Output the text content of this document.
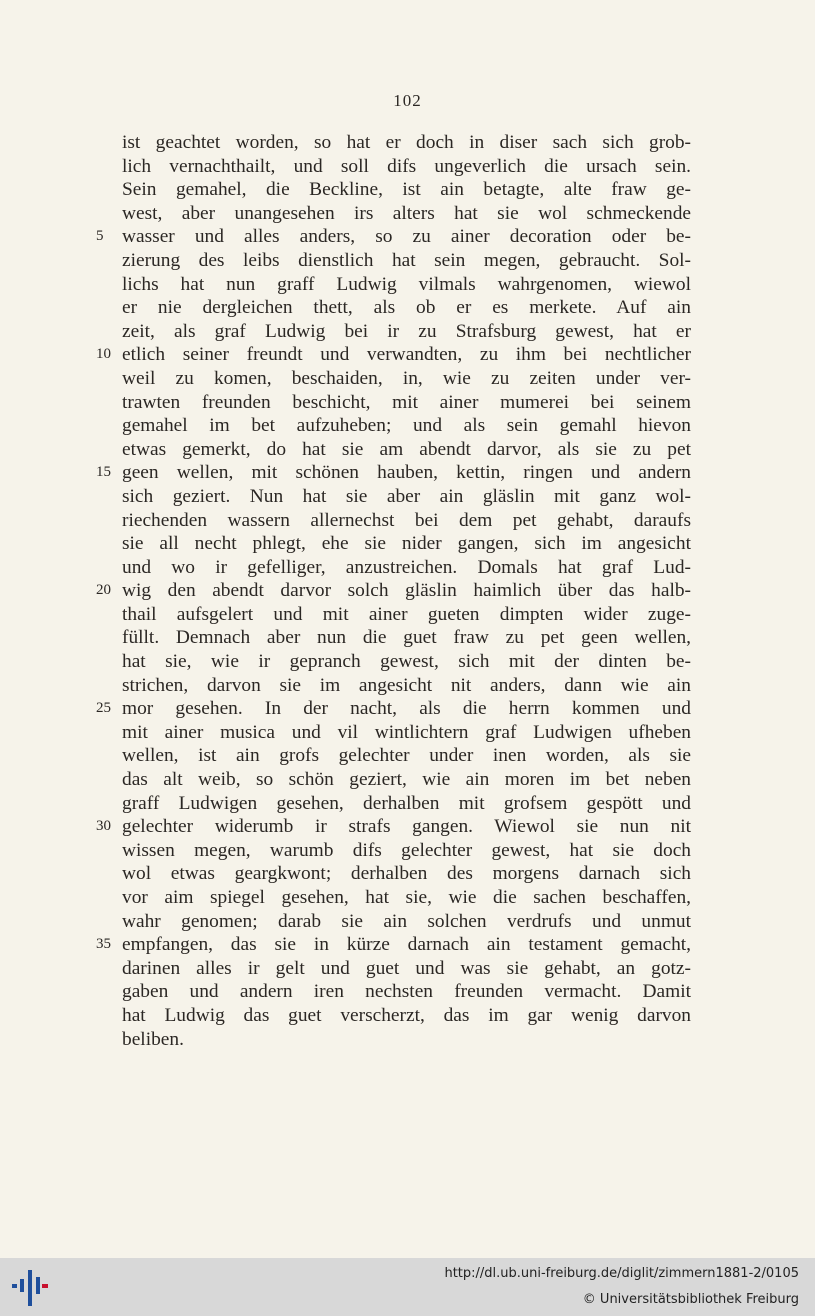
102
ist geachtet worden, so hat er doch in diser sach sich grob-
lich vernachthailt, und soll difs ungeverlich die ursach sein.
Sein gemahel, die Beckline, ist ain betagte, alte fraw ge-
west, aber unangesehen irs alters hat sie wol schmeckende
5 wasser und alles anders, so zu ainer decoration oder be-
zierung des leibs dienstlich hat sein megen, gebraucht. Sol-
lichs hat nun graff Ludwig vilmals wahrgenomen, wiewol
er nie dergleichen thett, als ob er es merkete. Auf ain
zeit, als graf Ludwig bei ir zu Strafsburg gewest, hat er
10 etlich seiner freundt und verwandten, zu ihm bei nechtlicher
weil zu komen, beschaiden, in, wie zu zeiten under ver-
trawten freunden beschicht, mit ainer mumerei bei seinem
gemahel im bet aufzuheben; und als sein gemahl hievon
etwas gemerkt, do hat sie am abendt darvor, als sie zu pet
15 geen wellen, mit schönen hauben, kettin, ringen und andern
sich geziert. Nun hat sie aber ain gläslin mit ganz wol-
riechenden wassern allernechst bei dem pet gehabt, daraufs
sie all necht phlegt, ehe sie nider gangen, sich im angesicht
und wo ir gefelliger, anzustreichen. Domals hat graf Lud-
20 wig den abendt darvor solch gläslin haimlich über das halb-
thail aufsgelert und mit ainer gueten dimpten wider zuge-
füllt. Demnach aber nun die guet fraw zu pet geen wellen,
hat sie, wie ir gepranch gewest, sich mit der dinten be-
strichen, darvon sie im angesicht nit anders, dann wie ain
25 mor gesehen. In der nacht, als die herrn kommen und
mit ainer musica und vil wintlichtern graf Ludwigen ufheben
wellen, ist ain grofs gelechter under inen worden, als sie
das alt weib, so schön geziert, wie ain moren im bet neben
graff Ludwigen gesehen, derhalben mit grofsem gespött und
30 gelechter widerumb ir strafs gangen. Wiewol sie nun nit
wissen megen, warumb difs gelechter gewest, hat sie doch
wol etwas geargkwont; derhalben des morgens darnach sich
vor aim spiegel gesehen, hat sie, wie die sachen beschaffen,
wahr genomen; darab sie ain solchen verdrufs und unmut
35 empfangen, das sie in kürze darnach ain testament gemacht,
darinen alles ir gelt und guet und was sie gehabt, an gotz-
gaben und andern iren nechsten freunden vermacht. Damit
hat Ludwig das guet verscherzt, das im gar wenig darvon
beliben.
http://dl.ub.uni-freiburg.de/diglit/zimmern1881-2/0105
© Universitätsbibliothek Freiburg
